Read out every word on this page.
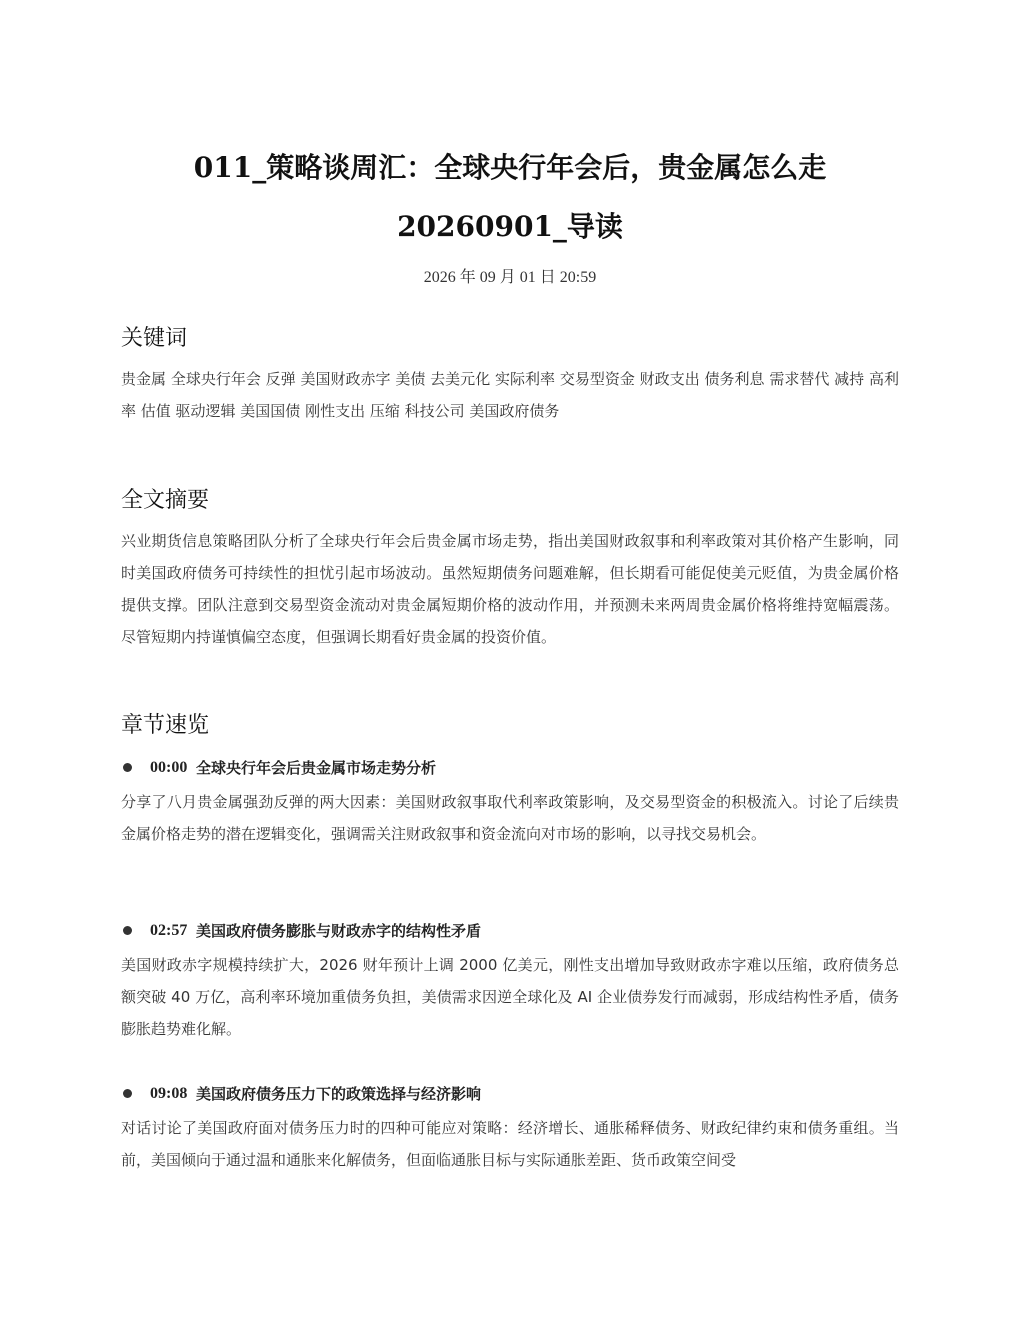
011_策略谈周汇：全球央行年会后，贵金属怎么走
20260901_导读
2026 年 09 月 01 日 20:59
关键词

贵金属 全球央行年会 反弹 美国财政赤字 美债 去美元化 实际利率 交易型资金 财政支出 债务利息 需求替代 减持 高利率 估值 驱动逻辑 美国国债 刚性支出 压缩 科技公司 美国政府债务

全文摘要

兴业期货信息策略团队分析了全球央行年会后贵金属市场走势，指出美国财政叙事和利率政策对其价格产生影响，同时美国政府债务可持续性的担忧引起市场波动。虽然短期债务问题难解，但长期看可能促使美元贬值，为贵金属价格提供支撑。团队注意到交易型资金流动对贵金属短期价格的波动作用，并预测未来两周贵金属价格将维持宽幅震荡。尽管短期内持谨慎偏空态度，但强调长期看好贵金属的投资价值。

章节速览
00:00 全球央行年会后贵金属市场走势分析

分享了八月贵金属强劲反弹的两大因素：美国财政叙事取代利率政策影响，及交易型资金的积极流入。讨论了后续贵金属价格走势的潜在逻辑变化，强调需关注财政叙事和资金流向对市场的影响，以寻找交易机会。

02:57 美国政府债务膨胀与财政赤字的结构性矛盾

美国财政赤字规模持续扩大，2026 财年预计上调 2000 亿美元，刚性支出增加导致财政赤字难以压缩，政府债务总额突破 40 万亿，高利率环境加重债务负担，美债需求因逆全球化及 AI 企业债券发行而减弱，形成结构性矛盾，债务膨胀趋势难化解。

09:08 美国政府债务压力下的政策选择与经济影响

对话讨论了美国政府面对债务压力时的四种可能应对策略：经济增长、通胀稀释债务、财政纪律约束和债务重组。当前，美国倾向于通过温和通胀来化解债务，但面临通胀目标与实际通胀差距、货币政策空间受
